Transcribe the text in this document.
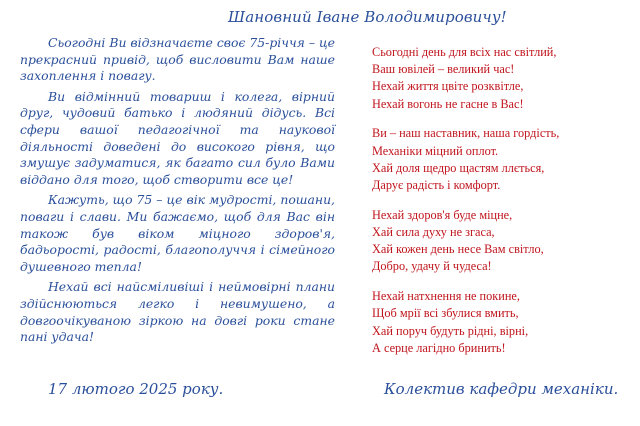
Шановний Іване Володимировичу!

Сьогодні Ви відзначаєте своє 75-річчя – це прекрасний привід, щоб висловити Вам наше захоплення і повагу.

Ви відмінний товариш і колега, вірний друг, чудовий батько і людяний дідусь. Всі сфери вашої педагогічної та наукової діяльності доведені до високого рівня, що змушує задуматися, як багато сил було Вами віддано для того, щоб створити все це!

Кажуть, що 75 – це вік мудрості, пошани, поваги і слави. Ми бажаємо, щоб для Вас він також був віком міцного здоров'я, бадьорості, радості, благополуччя і сімейного душевного тепла!

Нехай всі найсміливіші і неймовірні плани здійснюються легко і невимушено, а довгоочікуваною зіркою на довгі роки стане пані удача!

Сьогодні день для всіх нас світлий,
Ваш ювілей – великий час!
Нехай життя цвіте розквітле,
Нехай вогонь не гасне в Вас!
Ви – наш наставник, наша гордість,
Механіки міцний оплот.
Хай доля щедро щастям ллється,
Дарує радість і комфорт.
Нехай здоров'я буде міцне,
Хай сила духу не згаса,
Хай кожен день несе Вам світло,
Добро, удачу й чудеса!
Нехай натхнення не покине,
Щоб мрії всі збулися вмить,
Хай поруч будуть рідні, вірні,
А серце лагідно бринить!
17 лютого 2025 року.	Колектив кафедри механіки.
